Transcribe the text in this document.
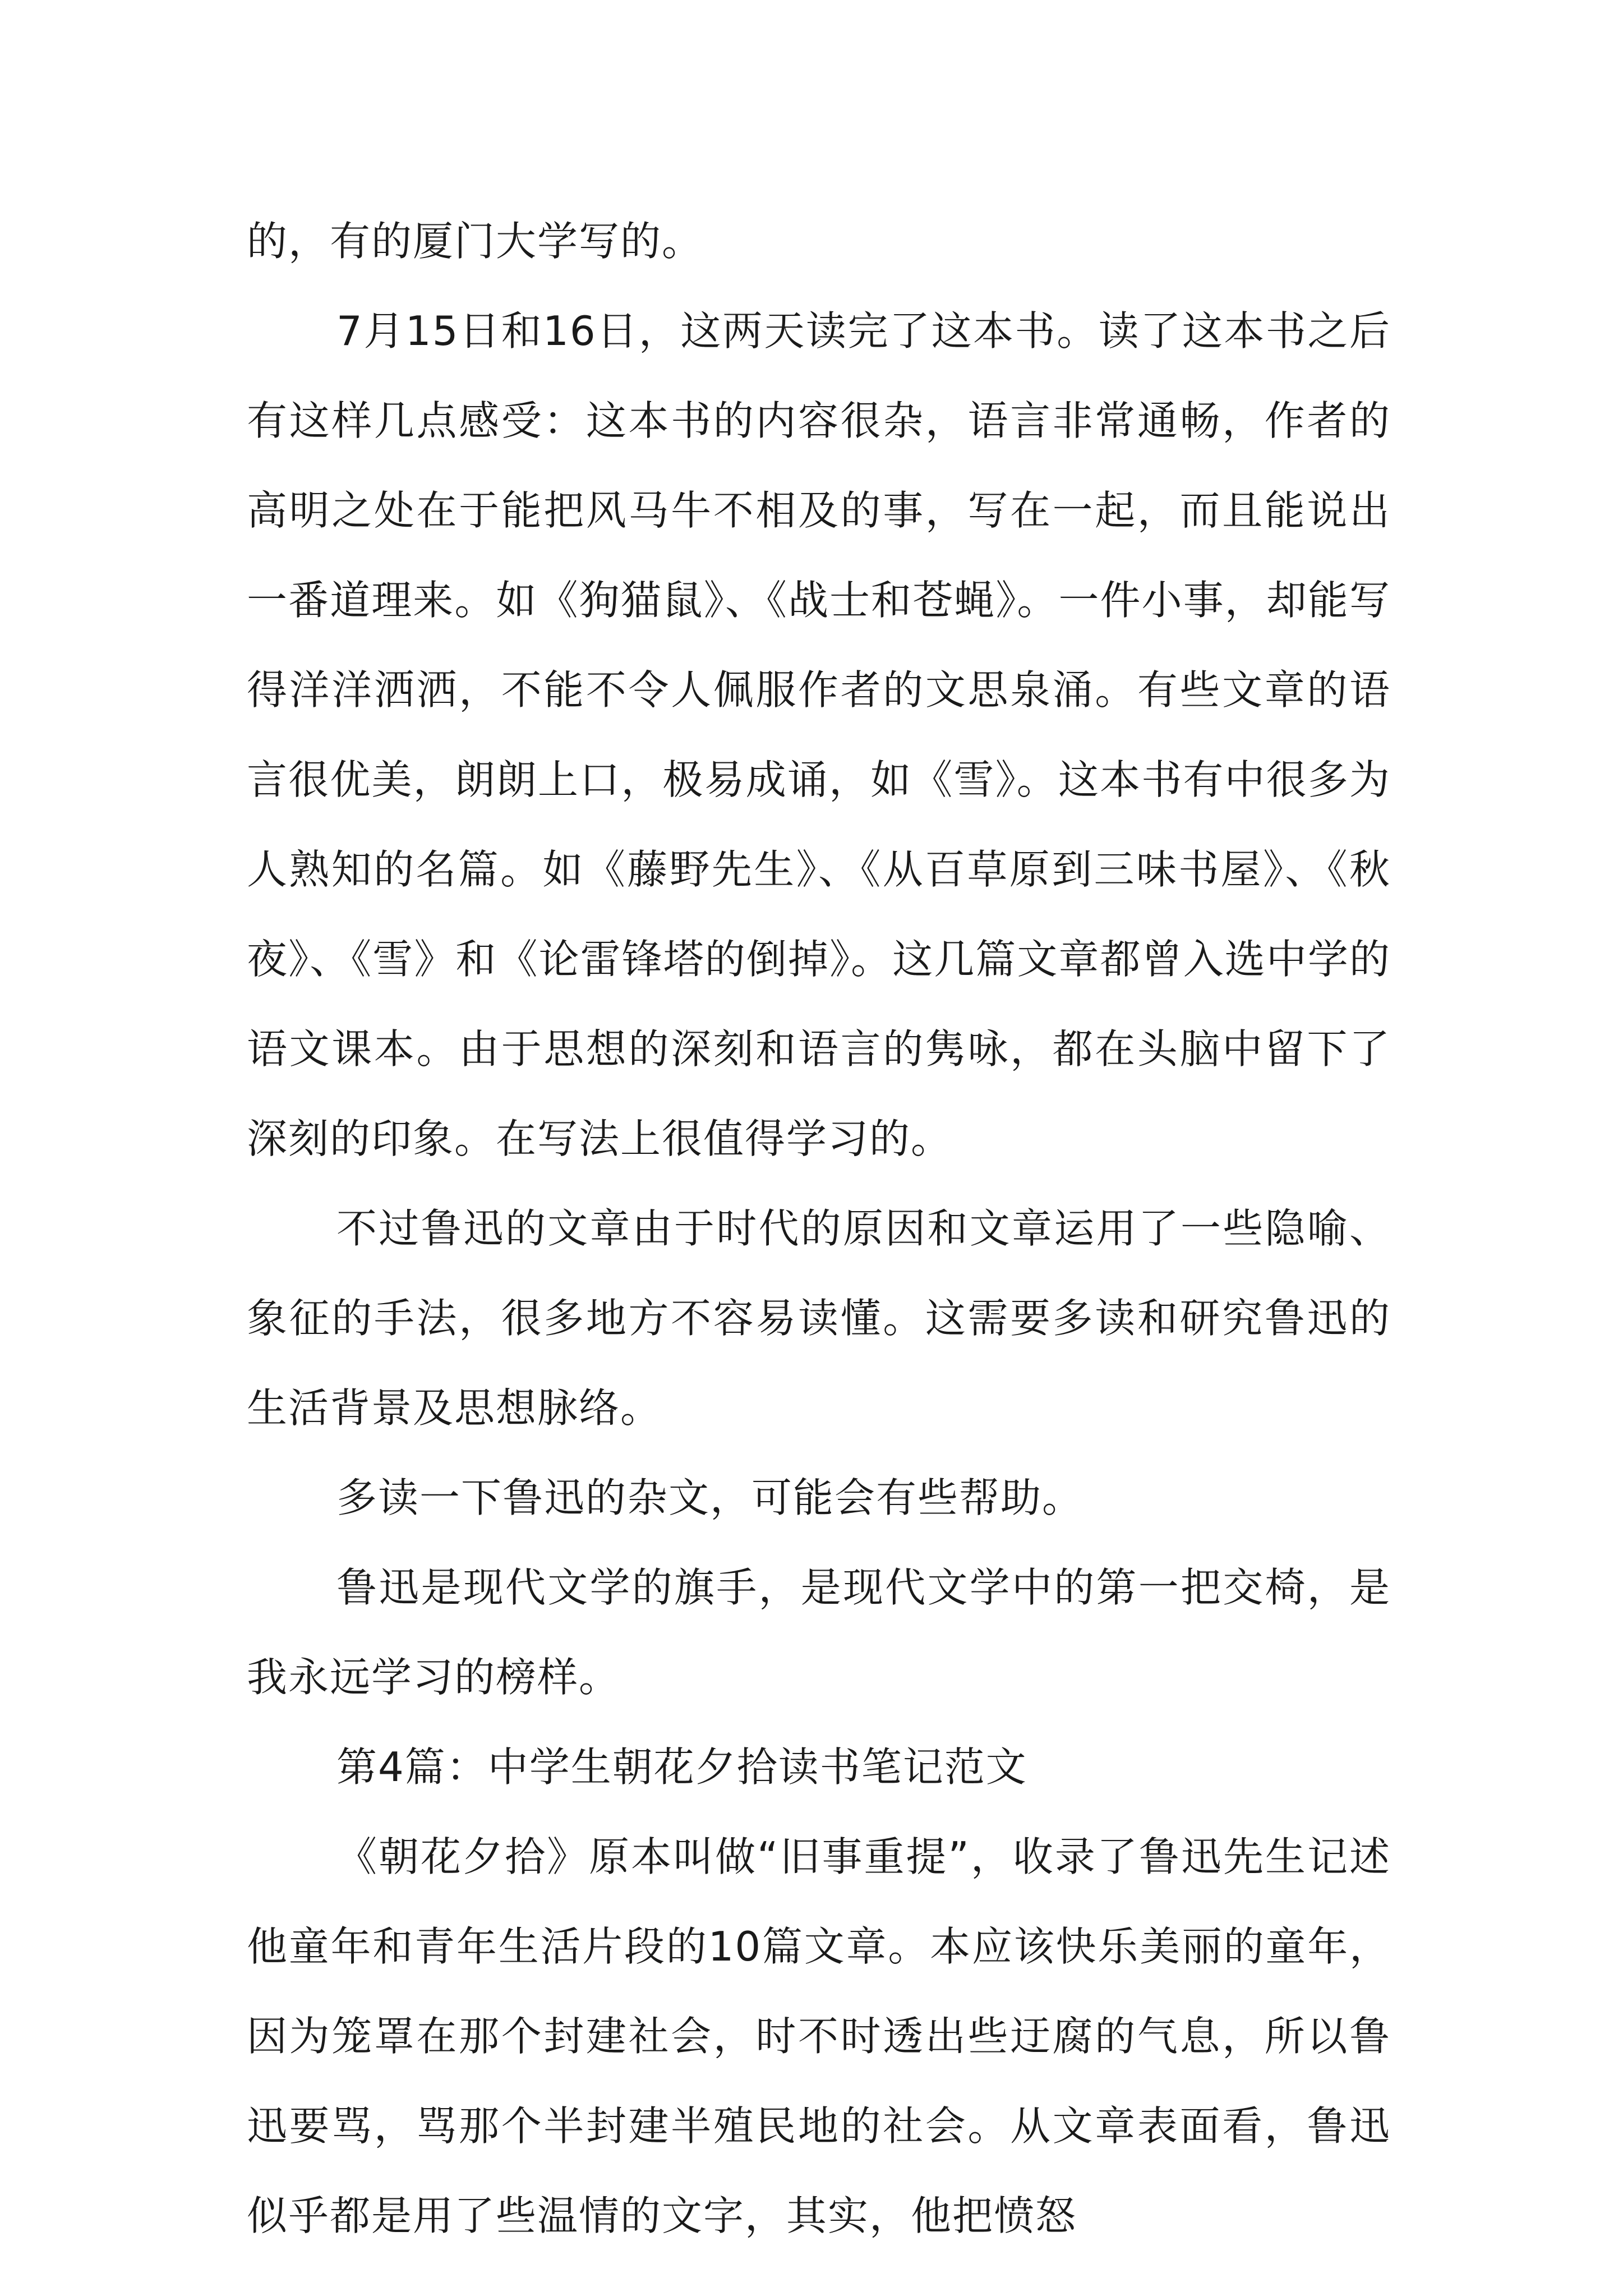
的，有的厦门大学写的。

7月15日和16日，这两天读完了这本书。读了这本书之后有这样几点感受：这本书的内容很杂，语言非常通畅，作者的高明之处在于能把风马牛不相及的事，写在一起，而且能说出一番道理来。如《狗猫鼠》、《战士和苍蝇》。一件小事，却能写得洋洋洒洒，不能不令人佩服作者的文思泉涌。有些文章的语言很优美，朗朗上口，极易成诵，如《雪》。这本书有中很多为人熟知的名篇。如《藤野先生》、《从百草原到三味书屋》、《秋夜》、《雪》和《论雷锋塔的倒掉》。这几篇文章都曾入选中学的语文课本。由于思想的深刻和语言的隽咏，都在头脑中留下了深刻的印象。在写法上很值得学习的。

不过鲁迅的文章由于时代的原因和文章运用了一些隐喻、象征的手法，很多地方不容易读懂。这需要多读和研究鲁迅的生活背景及思想脉络。

多读一下鲁迅的杂文，可能会有些帮助。

鲁迅是现代文学的旗手，是现代文学中的第一把交椅，是我永远学习的榜样。

第4篇：中学生朝花夕拾读书笔记范文

《朝花夕拾》原本叫做“旧事重提”，收录了鲁迅先生记述他童年和青年生活片段的10篇文章。本应该快乐美丽的童年，因为笼罩在那个封建社会，时不时透出些迂腐的气息，所以鲁迅要骂，骂那个半封建半殖民地的社会。从文章表面看，鲁迅似乎都是用了些温情的文字，其实，他把愤怒
